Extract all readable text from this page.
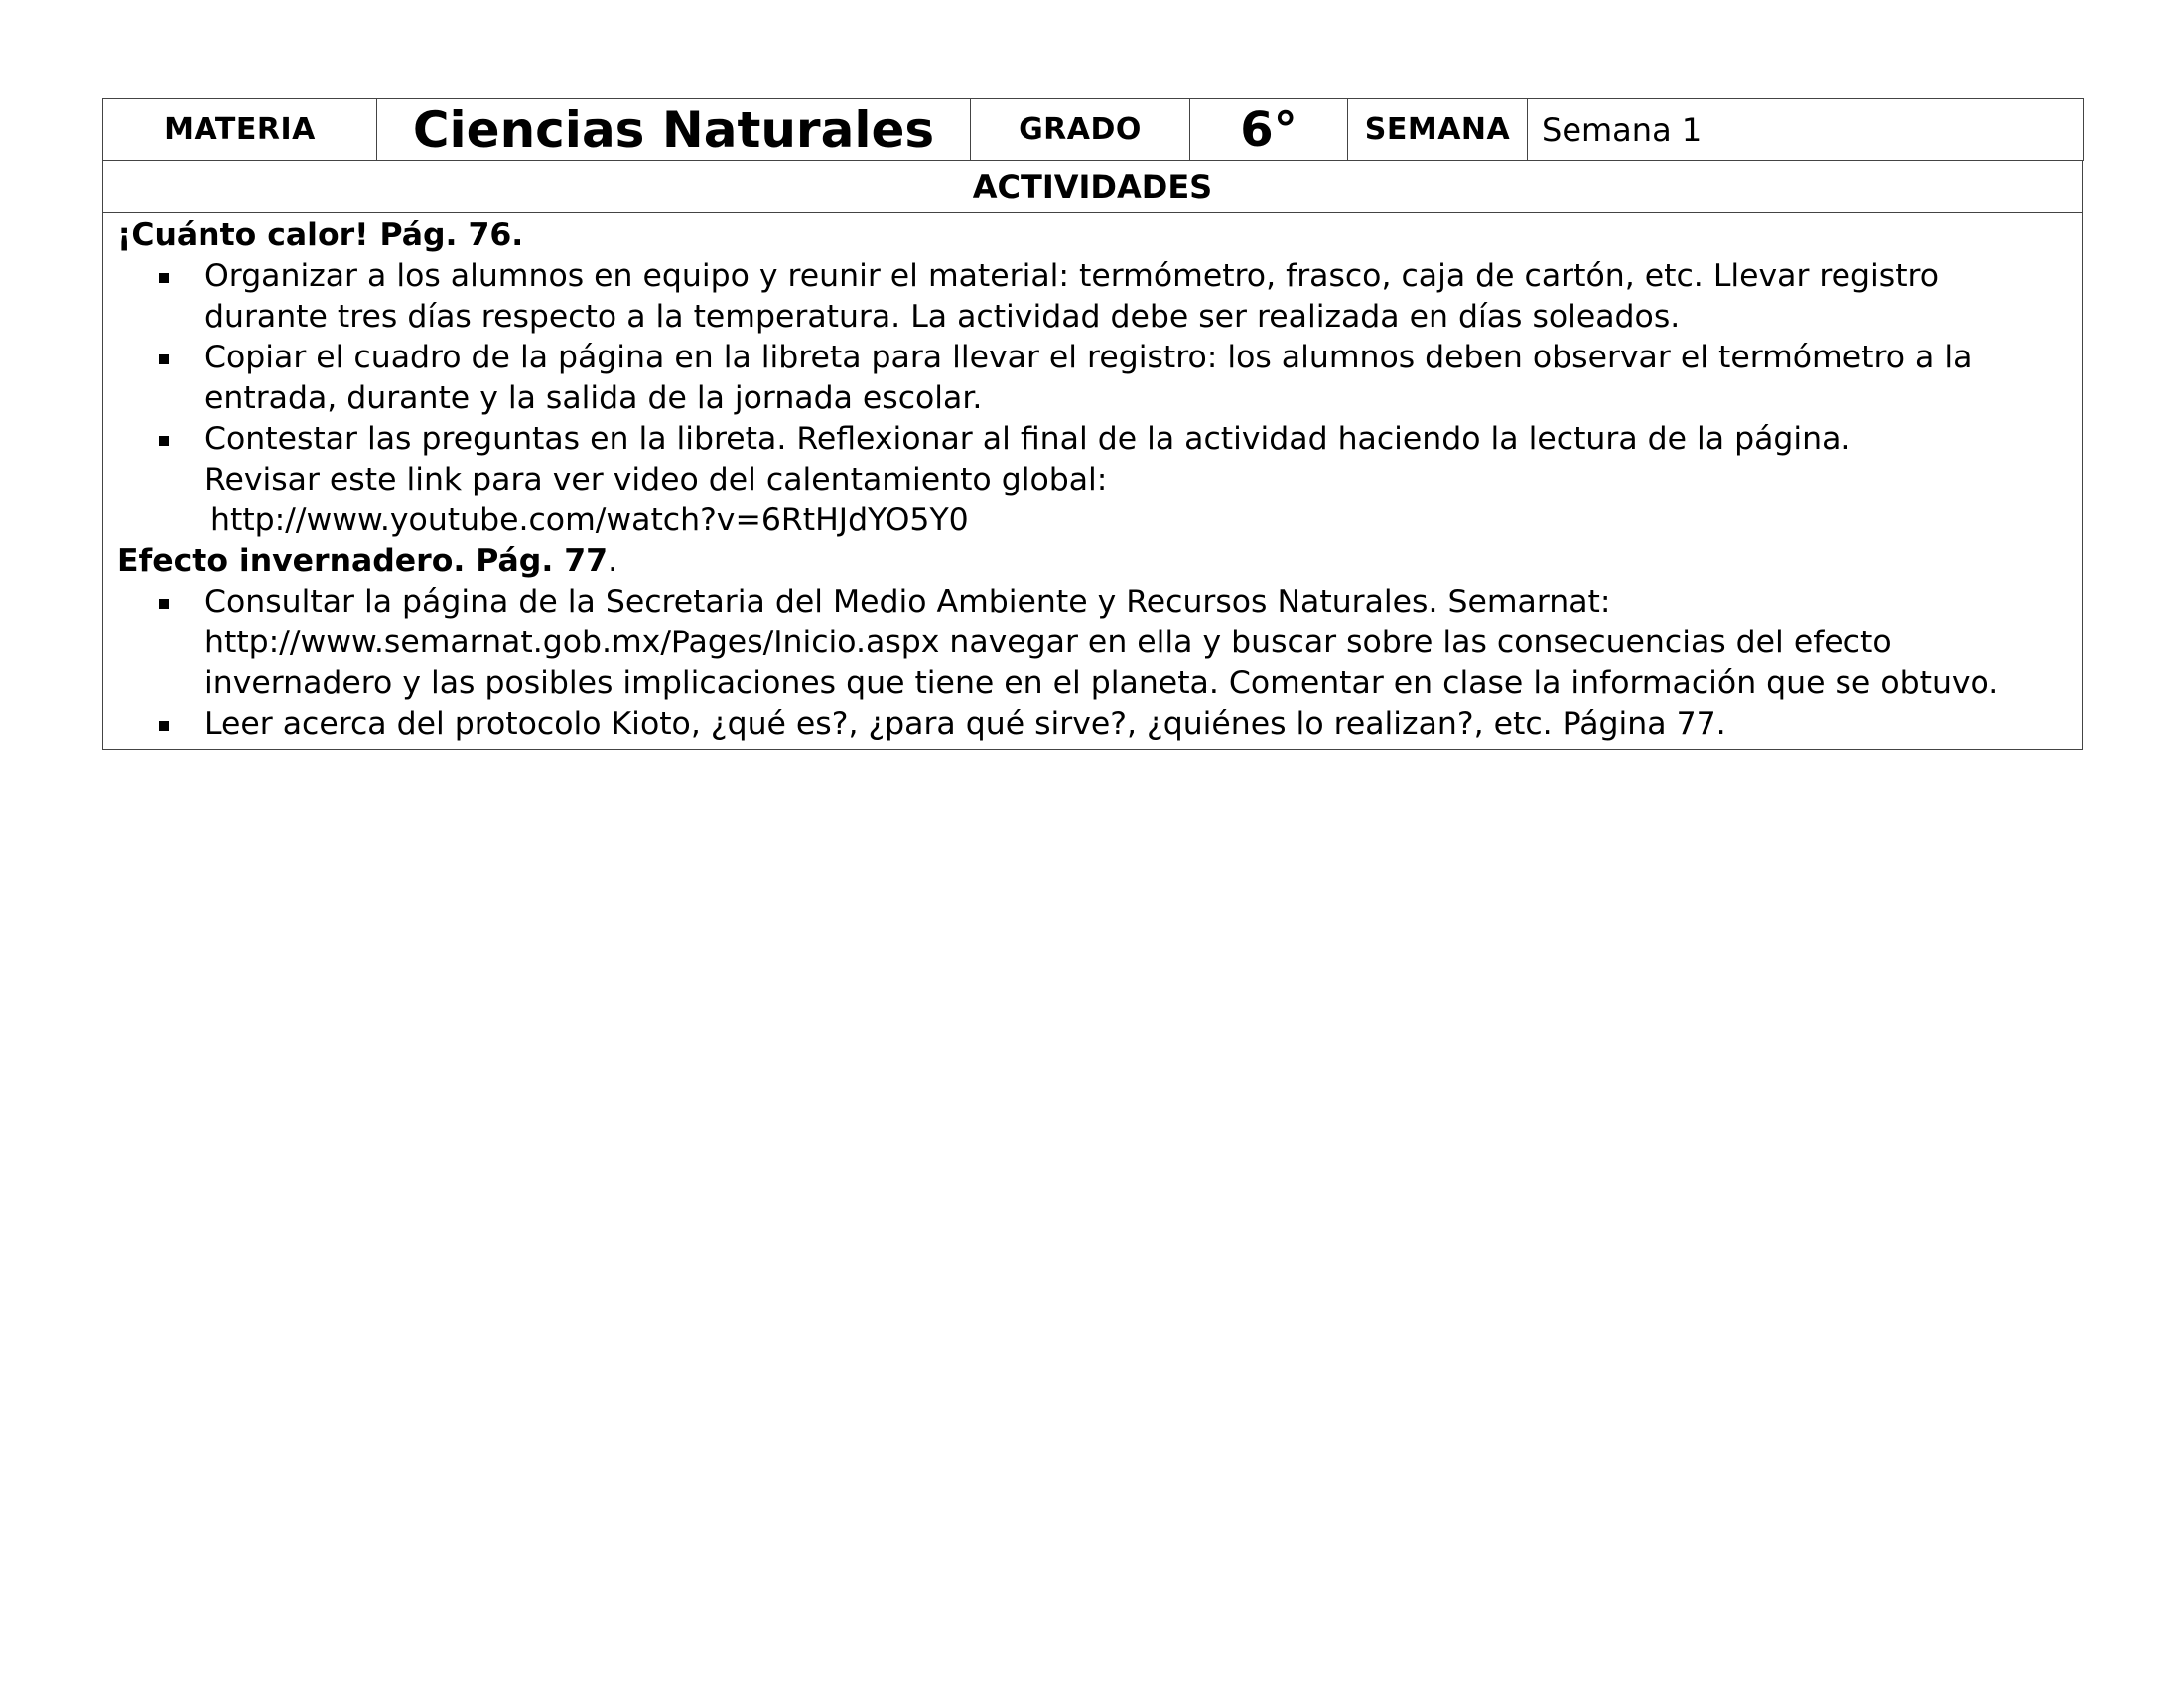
MATERIA	Ciencias Naturales	GRADO	6°	SEMANA	Semana 1
ACTIVIDADES

¡Cuánto calor! Pág. 76.

Organizar a los alumnos en equipo y reunir el material: termómetro, frasco, caja de cartón, etc. Llevar registro durante tres días respecto a la temperatura. La actividad debe ser realizada en días soleados.
Copiar el cuadro de la página en la libreta para llevar el registro: los alumnos deben observar el termómetro a la entrada, durante y la salida de la jornada escolar.
Contestar las preguntas en la libreta. Reflexionar al final de la actividad haciendo la lectura de la página.
Revisar este link para ver video del calentamiento global:
http://www.youtube.com/watch?v=6RtHJdYO5Y0

Efecto invernadero. Pág. 77.

Consultar la página de la Secretaria del Medio Ambiente y Recursos Naturales. Semarnat: http://www.semarnat.gob.mx/Pages/Inicio.aspx navegar en ella y buscar sobre las consecuencias del efecto invernadero y las posibles implicaciones que tiene en el planeta. Comentar en clase la información que se obtuvo.
Leer acerca del protocolo Kioto, ¿qué es?, ¿para qué sirve?, ¿quiénes lo realizan?, etc. Página 77.
